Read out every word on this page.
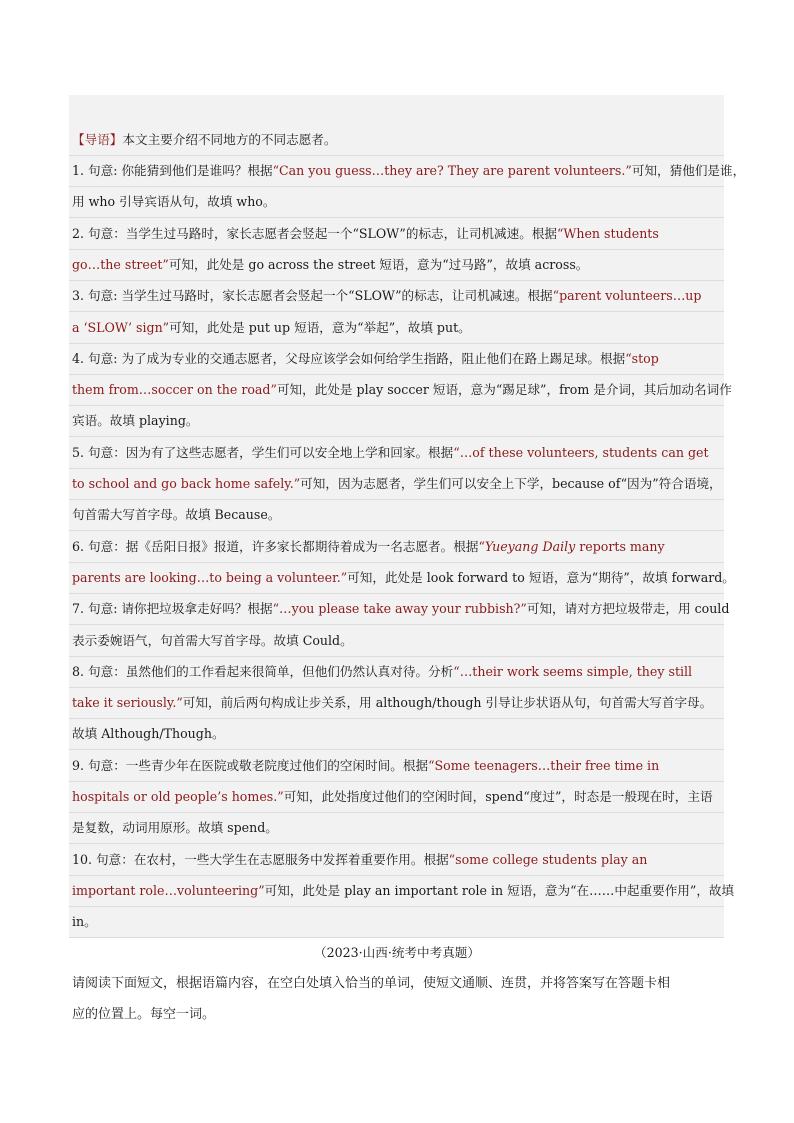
【导语】本文主要介绍不同地方的不同志愿者。
1. 句意: 你能猜到他们是谁吗？根据“Can you guess…they are? They are parent volunteers.”可知，猜他们是谁，
用 who 引导宾语从句，故填 who。
2. 句意：当学生过马路时，家长志愿者会竖起一个“SLOW”的标志，让司机减速。根据“When students
go…the street”可知，此处是 go across the street 短语，意为“过马路”，故填 across。
3. 句意: 当学生过马路时，家长志愿者会竖起一个“SLOW”的标志，让司机减速。根据“parent volunteers…up
a ‘SLOW’ sign”可知，此处是 put up 短语，意为“举起”，故填 put。
4. 句意: 为了成为专业的交通志愿者，父母应该学会如何给学生指路，阻止他们在路上踢足球。根据“stop
them from…soccer on the road”可知，此处是 play soccer 短语，意为“踢足球”，from 是介词，其后加动名词作
宾语。故填 playing。
5. 句意：因为有了这些志愿者，学生们可以安全地上学和回家。根据“…of these volunteers, students can get
to school and go back home safely.”可知，因为志愿者，学生们可以安全上下学，because of“因为”符合语境，
句首需大写首字母。故填 Because。
6. 句意：据《岳阳日报》报道，许多家长都期待着成为一名志愿者。根据“Yueyang Daily reports many
parents are looking…to being a volunteer.”可知，此处是 look forward to 短语，意为“期待”，故填 forward。
7. 句意: 请你把垃圾拿走好吗？根据“…you please take away your rubbish?”可知，请对方把垃圾带走，用 could
表示委婉语气，句首需大写首字母。故填 Could。
8. 句意：虽然他们的工作看起来很简单，但他们仍然认真对待。分析“…their work seems simple, they still
take it seriously.”可知，前后两句构成让步关系，用 although/though 引导让步状语从句，句首需大写首字母。
故填 Although/Though。
9. 句意：一些青少年在医院或敬老院度过他们的空闲时间。根据“Some teenagers…their free time in
hospitals or old people’s homes.”可知，此处指度过他们的空闲时间，spend“度过”，时态是一般现在时，主语
是复数，动词用原形。故填 spend。
10. 句意：在农村，一些大学生在志愿服务中发挥着重要作用。根据“some college students play an
important role…volunteering”可知，此处是 play an important role in 短语，意为“在……中起重要作用”，故填
in。
（2023·山西·统考中考真题）
请阅读下面短文，根据语篇内容，在空白处填入恰当的单词，使短文通顺、连贯，并将答案写在答题卡相
应的位置上。每空一词。
